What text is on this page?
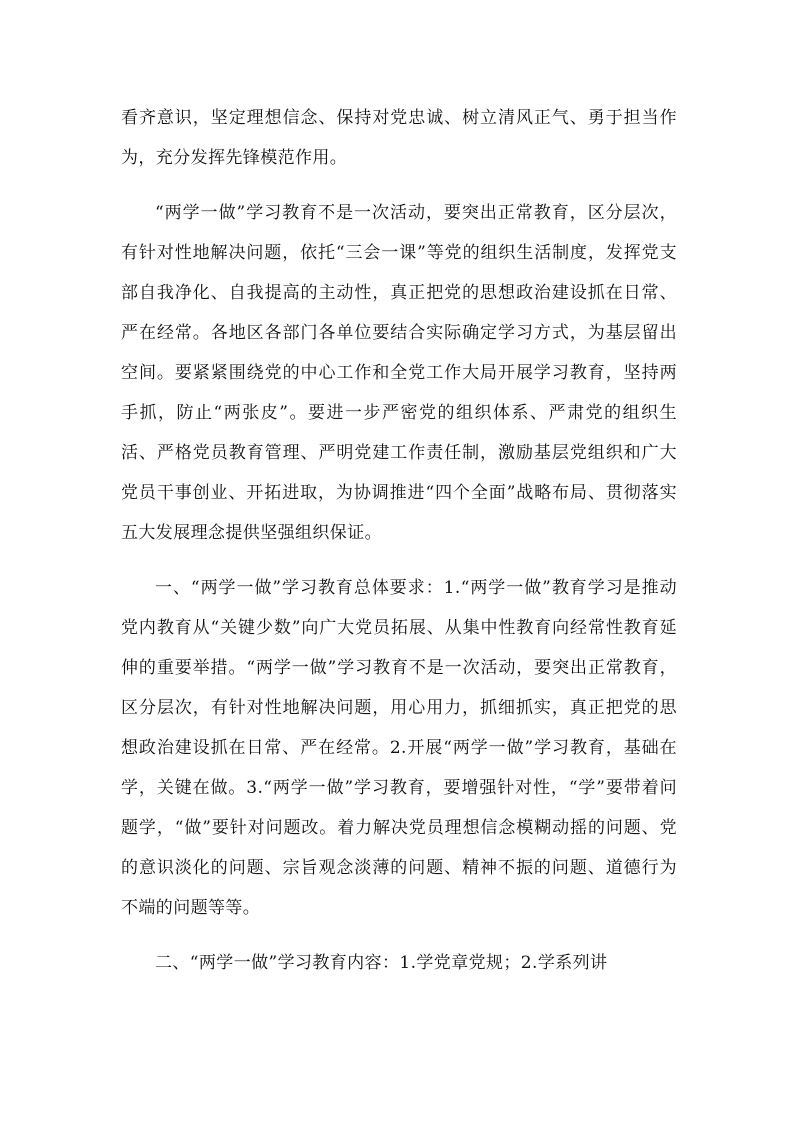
看齐意识，坚定理想信念、保持对党忠诚、树立清风正气、勇于担当作为，充分发挥先锋模范作用。

“两学一做”学习教育不是一次活动，要突出正常教育，区分层次，有针对性地解决问题，依托“三会一课”等党的组织生活制度，发挥党支部自我净化、自我提高的主动性，真正把党的思想政治建设抓在日常、严在经常。各地区各部门各单位要结合实际确定学习方式，为基层留出空间。要紧紧围绕党的中心工作和全党工作大局开展学习教育，坚持两手抓，防止“两张皮”。要进一步严密党的组织体系、严肃党的组织生活、严格党员教育管理、严明党建工作责任制，激励基层党组织和广大党员干事创业、开拓进取，为协调推进“四个全面”战略布局、贯彻落实五大发展理念提供坚强组织保证。

一、“两学一做”学习教育总体要求：1.“两学一做”教育学习是推动党内教育从“关键少数”向广大党员拓展、从集中性教育向经常性教育延伸的重要举措。“两学一做”学习教育不是一次活动，要突出正常教育，区分层次，有针对性地解决问题，用心用力，抓细抓实，真正把党的思想政治建设抓在日常、严在经常。2.开展“两学一做”学习教育，基础在学，关键在做。3.“两学一做”学习教育，要增强针对性，“学”要带着问题学，“做”要针对问题改。着力解决党员理想信念模糊动摇的问题、党的意识淡化的问题、宗旨观念淡薄的问题、精神不振的问题、道德行为不端的问题等等。

二、“两学一做”学习教育内容：1.学党章党规；2.学系列讲
